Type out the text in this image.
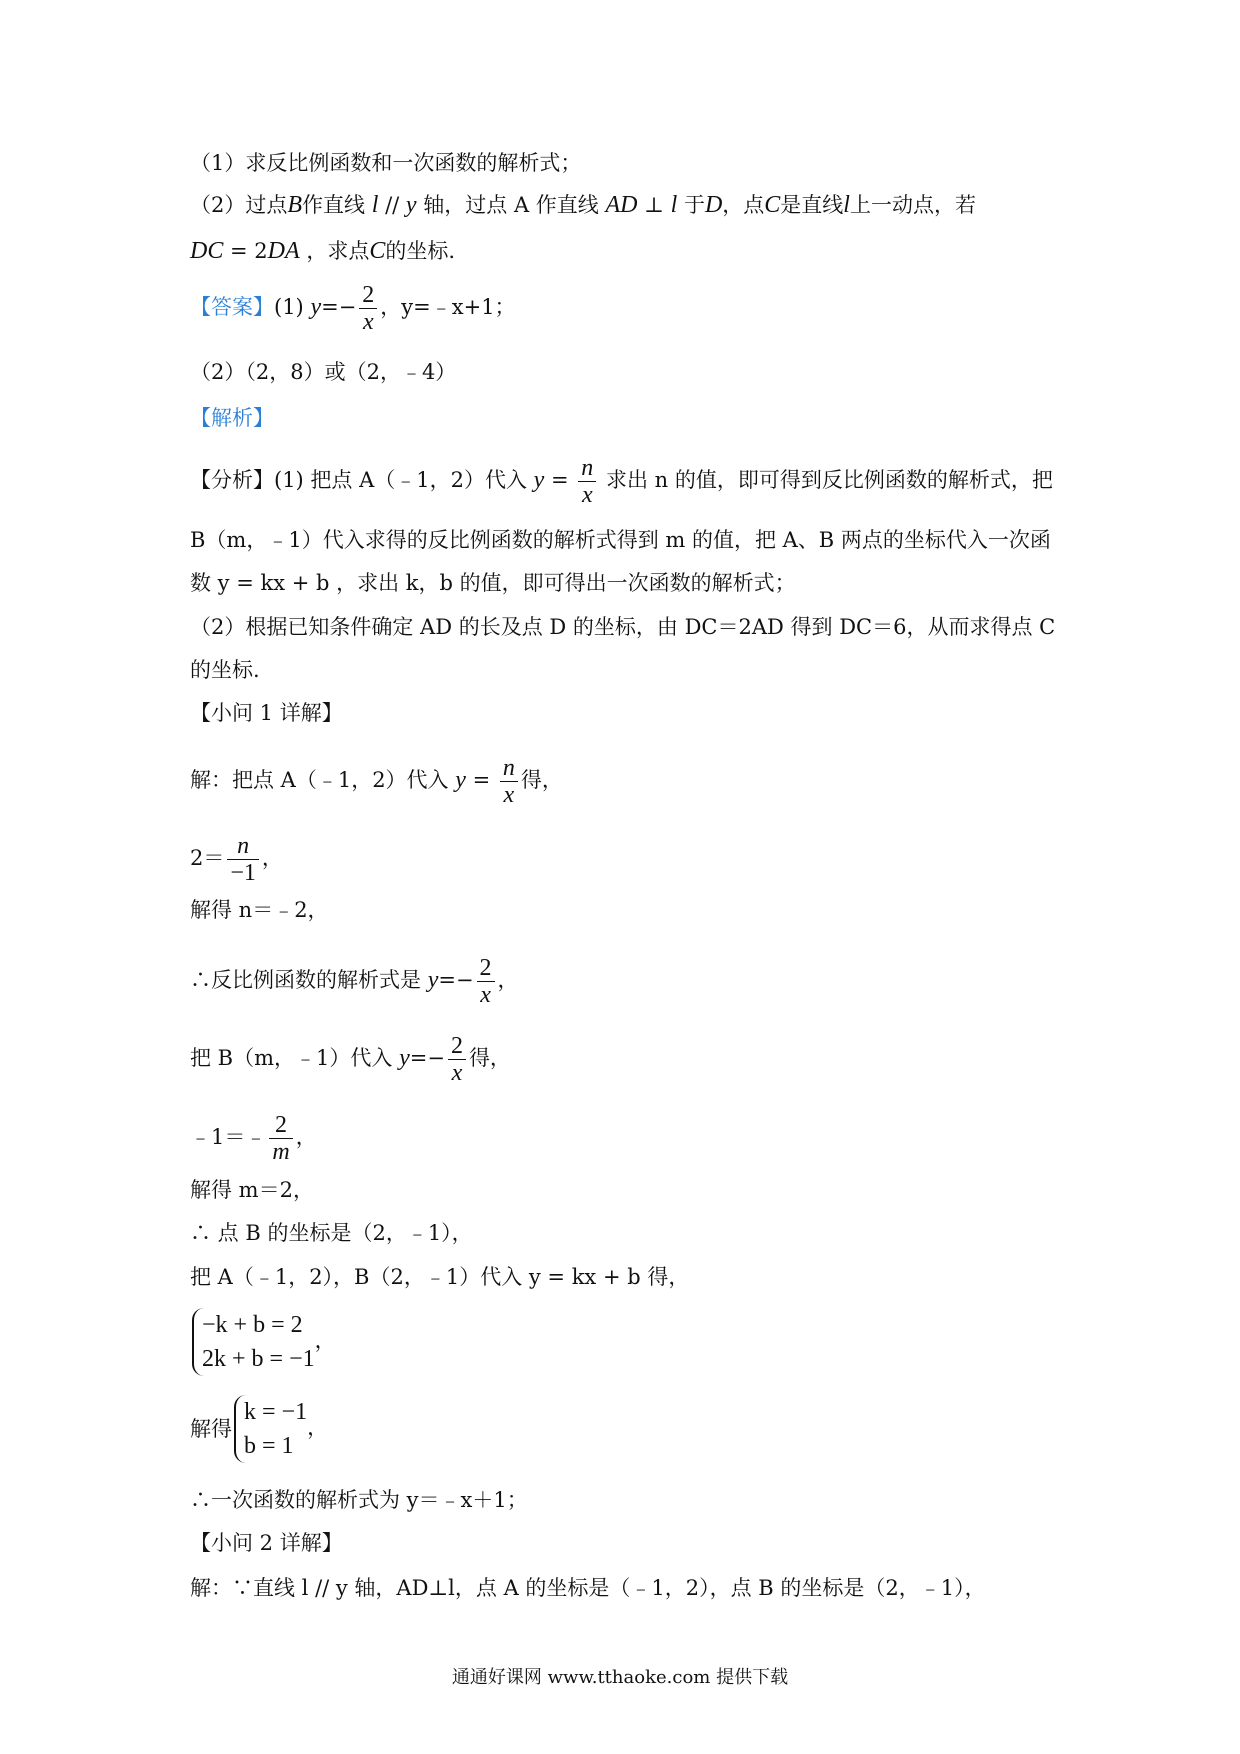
（1）求反比例函数和一次函数的解析式；
（2）过点B作直线 l // y 轴，过点 A 作直线 AD ⊥ l 于D，点C是直线l上一动点，若
DC = 2DA ，求点C的坐标.
【答案】(1) $y=- \frac{2}{x}$ ，y=﹣x+1；
（2）（2，8）或（2，﹣4）
【解析】
【分析】(1) 把点 A（﹣1，2）代入 $y = \frac{n}{x}$ 求出 n 的值，即可得到反比例函数的解析式，把
B（m，﹣1）代入求得的反比例函数的解析式得到 m 的值，把 A、B 两点的坐标代入一次函
数 y = kx + b ，求出 k，b 的值，即可得出一次函数的解析式；
（2）根据已知条件确定 AD 的长及点 D 的坐标，由 DC＝2AD 得到 DC＝6，从而求得点 C
的坐标.
【小问 1 详解】
解：把点 A（﹣1，2）代入 $y = \frac{n}{x}$ 得，
$2= \frac{n}{-1}$ ，
解得 n＝﹣2，
∴反比例函数的解析式是 $y=- \frac{2}{x}$ ，
把 B（m，﹣1）代入 $y=- \frac{2}{x}$ 得，
﹣1＝﹣ $\frac{2}{m}$ ，
解得 m＝2，
∴ 点 B 的坐标是（2，﹣1），
把 A（﹣1，2），B（2，﹣1）代入 y = kx + b 得，
−k + b = 2
2k + b = −1
，
解得
k = −1
b = 1
，
∴一次函数的解析式为 y＝﹣x＋1；
【小问 2 详解】
解：∵直线 l // y 轴，AD⊥l，点 A 的坐标是（﹣1，2），点 B 的坐标是（2，﹣1），
通通好课网 www.tthaoke.com 提供下载
